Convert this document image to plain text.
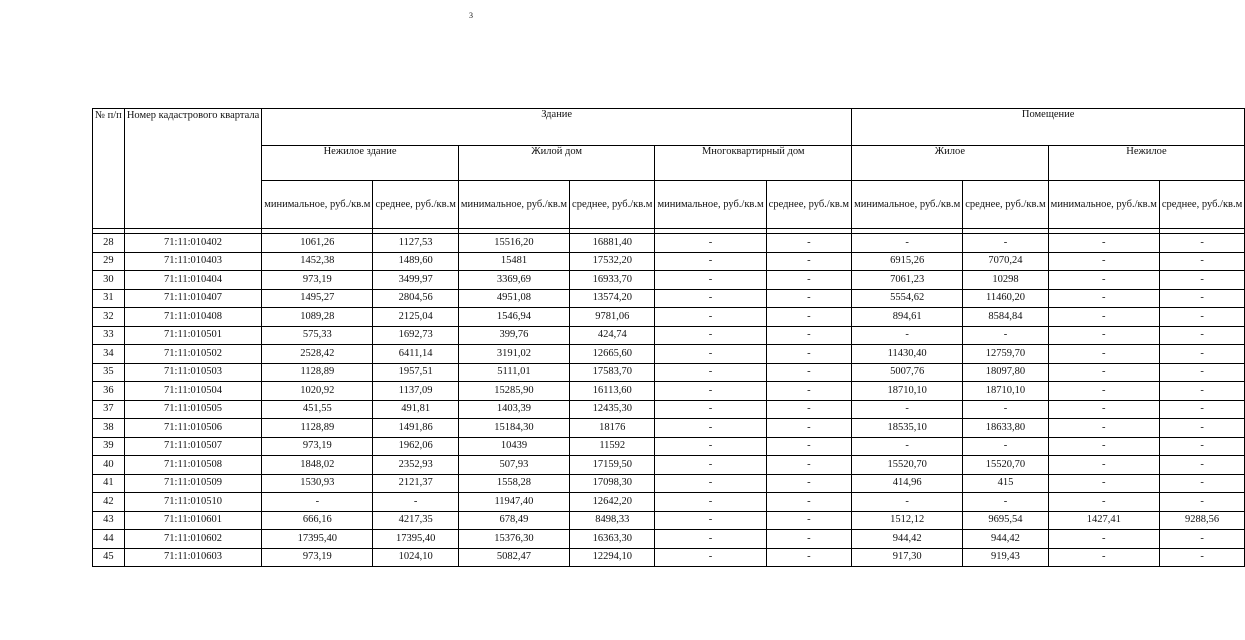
3
№ п/п	Номер кадастрового квартала	Здание						Помещение			
		Нежилое здание		Жилой дом		Многоквартирный дом		Жилое		Нежилое	
		минимальное, руб./кв.м	среднее, руб./кв.м	минимальное, руб./кв.м	среднее, руб./кв.м	минимальное, руб./кв.м	среднее, руб./кв.м	минимальное, руб./кв.м	среднее, руб./кв.м	минимальное, руб./кв.м	среднее, руб./кв.м

28	71:11:010402	1061,26	1127,53	15516,20	16881,40	-	-	-	-	-	-
29	71:11:010403	1452,38	1489,60	15481	17532,20	-	-	6915,26	7070,24	-	-
30	71:11:010404	973,19	3499,97	3369,69	16933,70	-	-	7061,23	10298	-	-
31	71:11:010407	1495,27	2804,56	4951,08	13574,20	-	-	5554,62	11460,20	-	-
32	71:11:010408	1089,28	2125,04	1546,94	9781,06	-	-	894,61	8584,84	-	-
33	71:11:010501	575,33	1692,73	399,76	424,74	-	-	-	-	-	-
34	71:11:010502	2528,42	6411,14	3191,02	12665,60	-	-	11430,40	12759,70	-	-
35	71:11:010503	1128,89	1957,51	5111,01	17583,70	-	-	5007,76	18097,80	-	-
36	71:11:010504	1020,92	1137,09	15285,90	16113,60	-	-	18710,10	18710,10	-	-
37	71:11:010505	451,55	491,81	1403,39	12435,30	-	-	-	-	-	-
38	71:11:010506	1128,89	1491,86	15184,30	18176	-	-	18535,10	18633,80	-	-
39	71:11:010507	973,19	1962,06	10439	11592	-	-	-	-	-	-
40	71:11:010508	1848,02	2352,93	507,93	17159,50	-	-	15520,70	15520,70	-	-
41	71:11:010509	1530,93	2121,37	1558,28	17098,30	-	-	414,96	415	-	-
42	71:11:010510	-	-	11947,40	12642,20	-	-	-	-	-	-
43	71:11:010601	666,16	4217,35	678,49	8498,33	-	-	1512,12	9695,54	1427,41	9288,56
44	71:11:010602	17395,40	17395,40	15376,30	16363,30	-	-	944,42	944,42	-	-
45	71:11:010603	973,19	1024,10	5082,47	12294,10	-	-	917,30	919,43	-	-
